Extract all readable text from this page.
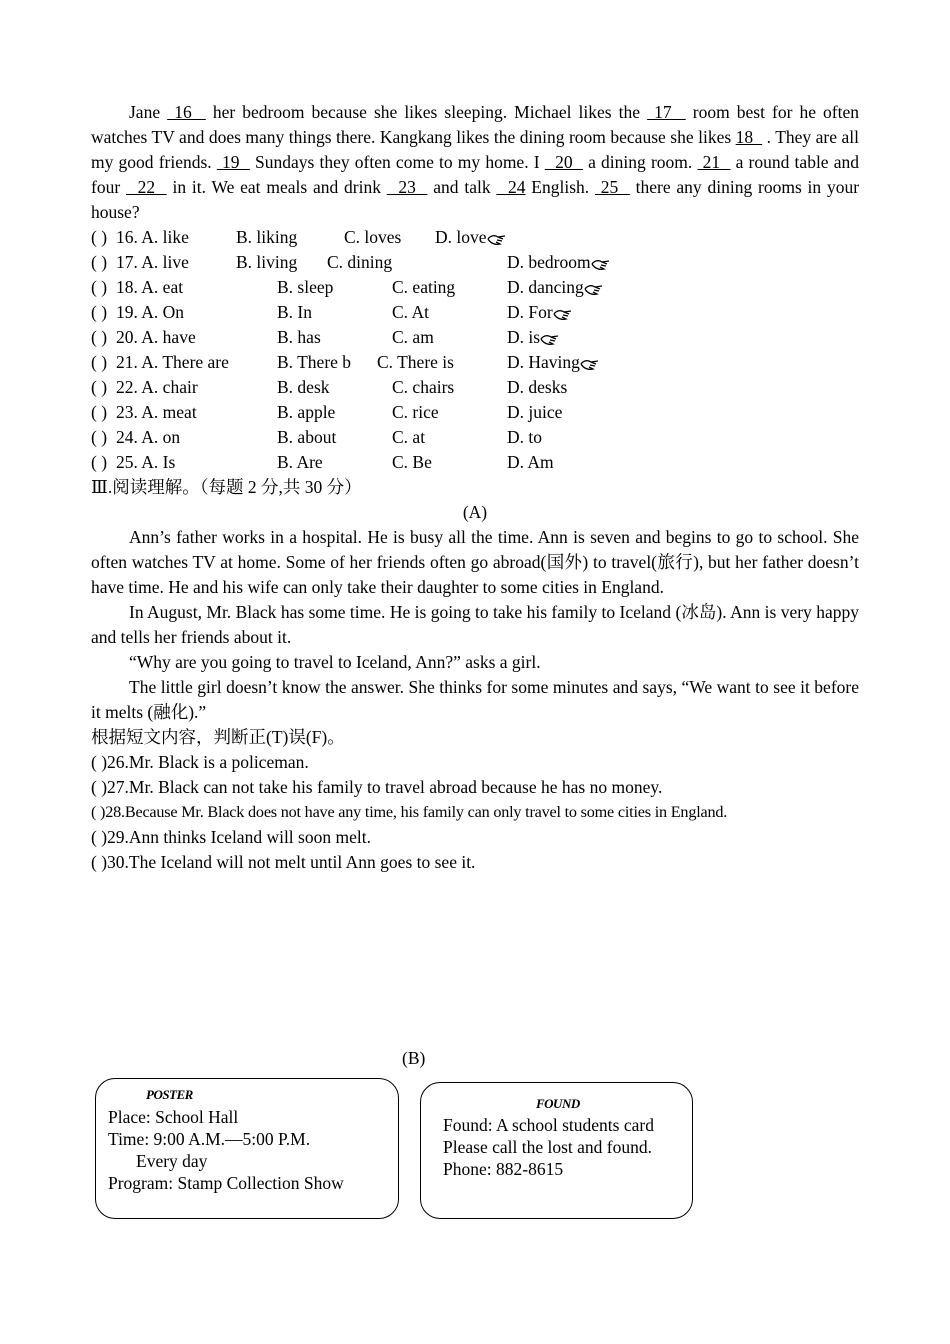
Jane  16   her bedroom because she likes sleeping. Michael likes the  17   room best for he often watches TV and does many things there. Kangkang likes the dining room because she likes 18   . They are all my good friends.  19   Sundays they often come to my home. I   20   a dining room.  21   a round table and four   22   in it. We eat meals and drink   23   and talk   24 English.  25   there any dining rooms in your house?

( ) 16. A. like	B. liking	C. loves D. love
( ) 17. A. live	B. living C. dining	D. bedroom
( ) 18. A. eat	B. sleep	C. eating	D. dancing
( ) 19. A. On	B. In	C. At	D. For
( ) 20. A. have	B. has	C. am	D. is
( ) 21. A. There are	B. There b C. There is	D. Having
( ) 22. A. chair	B. desk	C. chairs	D. desks
( ) 23. A. meat	B. apple	C. rice	D. juice
( ) 24. A. on	B. about	C. at	D. to
( ) 25. A. Is	B. Are	C. Be	D. Am
Ⅲ.阅读理解。（每题 2 分,共 30 分）
(A)

Ann’s father works in a hospital. He is busy all the time. Ann is seven and begins to go to school. She often watches TV at home. Some of her friends often go abroad(国外) to travel(旅行), but her father doesn’t have time. He and his wife can only take their daughter to some cities in England.

In August, Mr. Black has some time. He is going to take his family to Iceland (冰岛). Ann is very happy and tells her friends about it.

“Why are you going to travel to Iceland, Ann?” asks a girl.

The little girl doesn’t know the answer. She thinks for some minutes and says, “We want to see it before it melts (融化).”

根据短文内容，判断正(T)误(F)。
( )26.Mr. Black is a policeman.
( )27.Mr. Black can not take his family to travel abroad because he has no money.
( )28.Because Mr. Black does not have any time, his family can only travel to some cities in England.
( )29.Ann thinks Iceland will soon melt.
( )30.The Iceland will not melt until Ann goes to see it.
(B)
POSTER
Place: School Hall
Time: 9:00 A.M.—5:00 P.M.
Every day
Program: Stamp Collection Show
FOUND
Found: A school students card
Please call the lost and found.
Phone: 882-8615
